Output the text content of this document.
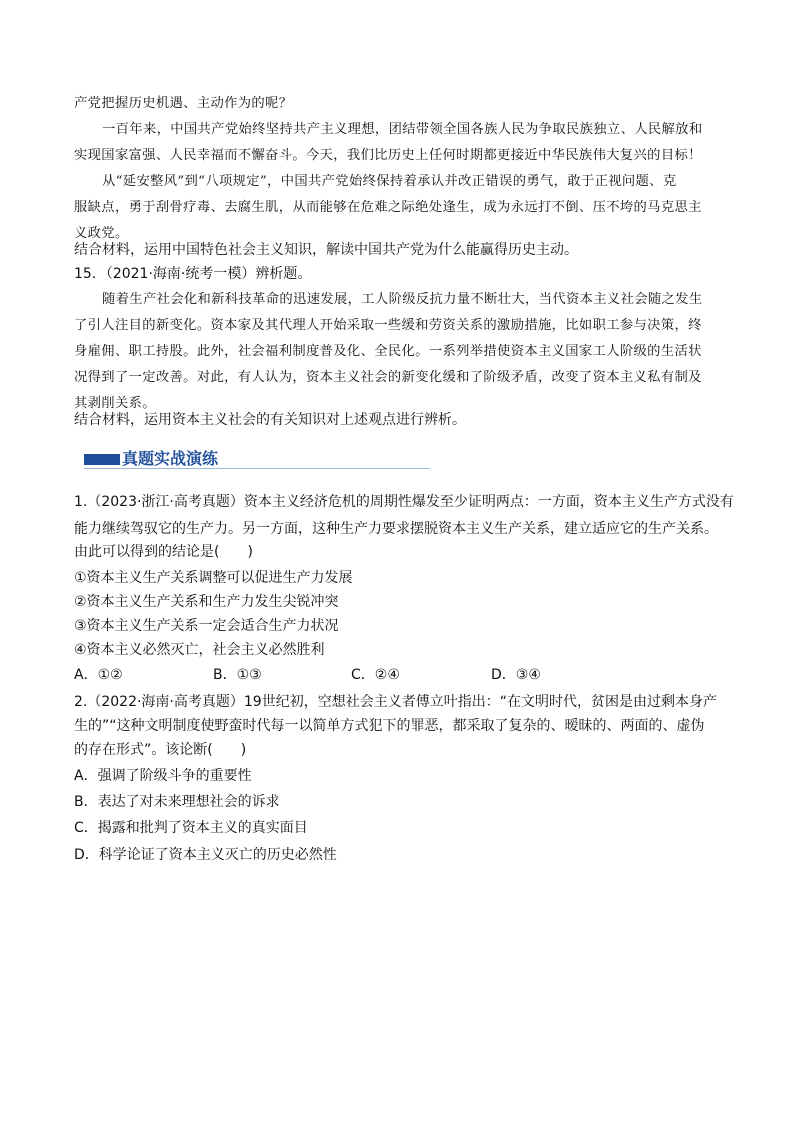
产党把握历史机遇、主动作为的呢？
一百年来，中国共产党始终坚持共产主义理想，团结带领全国各族人民为争取民族独立、人民解放和
实现国家富强、人民幸福而不懈奋斗。今天，我们比历史上任何时期都更接近中华民族伟大复兴的目标！
从“延安整风”到“八项规定”，中国共产党始终保持着承认并改正错误的勇气，敢于正视问题、克
服缺点，勇于刮骨疗毒、去腐生肌，从而能够在危难之际绝处逢生，成为永远打不倒、压不垮的马克思主
义政党。
结合材料，运用中国特色社会主义知识，解读中国共产党为什么能赢得历史主动。
15．（2021·海南·统考一模）辨析题。
随着生产社会化和新科技革命的迅速发展，工人阶级反抗力量不断壮大，当代资本主义社会随之发生
了引人注目的新变化。资本家及其代理人开始采取一些缓和劳资关系的激励措施，比如职工参与决策，终
身雇佣、职工持股。此外，社会福利制度普及化、全民化。一系列举措使资本主义国家工人阶级的生活状
况得到了一定改善。对此，有人认为，资本主义社会的新变化缓和了阶级矛盾，改变了资本主义私有制及
其剥削关系。
结合材料，运用资本主义社会的有关知识对上述观点进行辨析。
真题实战演练
1.（2023·浙江·高考真题）资本主义经济危机的周期性爆发至少证明两点：一方面，资本主义生产方式没有
能力继续驾驭它的生产力。另一方面，这种生产力要求摆脱资本主义生产关系，建立适应它的生产关系。
由此可以得到的结论是(　　)
①资本主义生产关系调整可以促进生产力发展
②资本主义生产关系和生产力发生尖锐冲突
③资本主义生产关系一定会适合生产力状况
④资本主义必然灭亡，社会主义必然胜利
A．①②	B．①③	C．②④	D．③④
2.（2022·海南·高考真题）19世纪初，空想社会主义者傅立叶指出：“在文明时代，贫困是由过剩本身产
生的”“这种文明制度使野蛮时代每一以简单方式犯下的罪恶，都采取了复杂的、暧昧的、两面的、虚伪
的存在形式”。该论断(　　)
A．强调了阶级斗争的重要性
B．表达了对未来理想社会的诉求
C．揭露和批判了资本主义的真实面目
D．科学论证了资本主义灭亡的历史必然性
